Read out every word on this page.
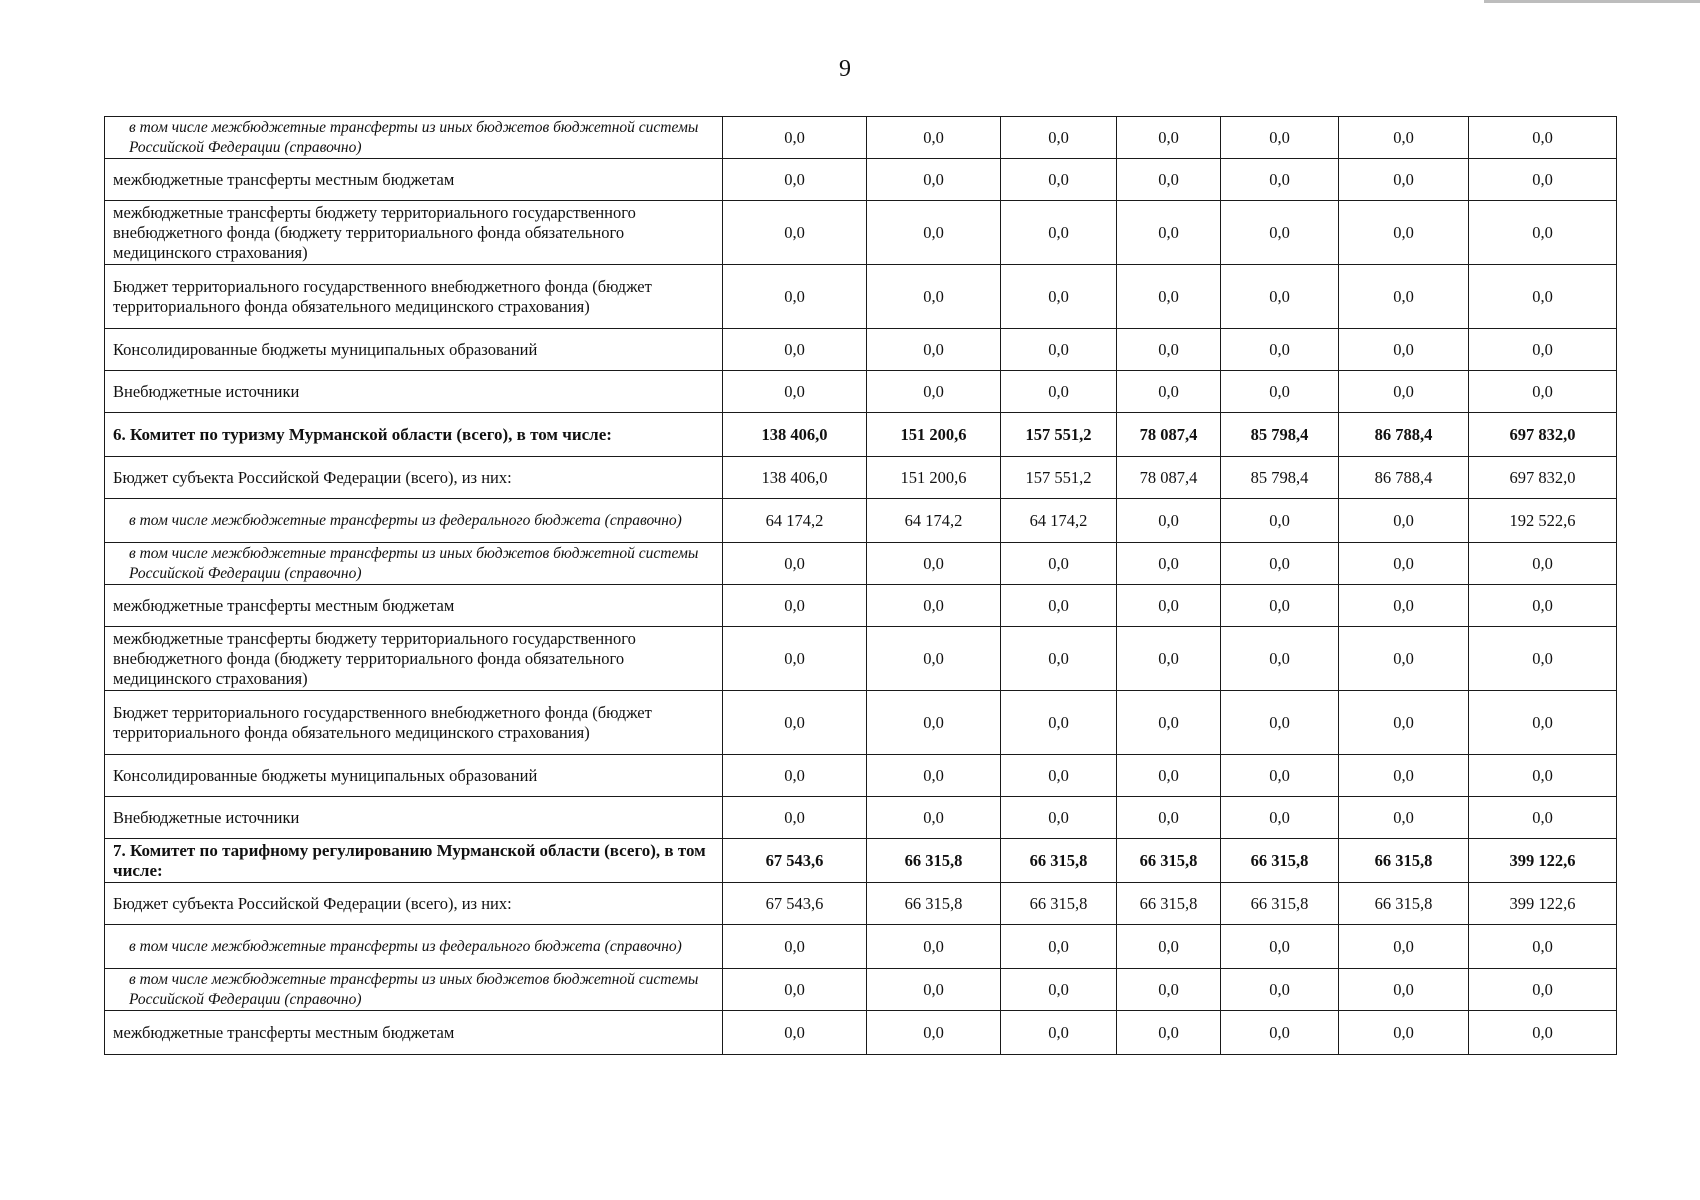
9
в том числе межбюджетные трансферты из иных бюджетов бюджетной системы Российской Федерации (справочно)	0,0	0,0	0,0	0,0	0,0	0,0	0,0
межбюджетные трансферты местным бюджетам	0,0	0,0	0,0	0,0	0,0	0,0	0,0
межбюджетные трансферты бюджету территориального государственного внебюджетного фонда (бюджету территориального фонда обязательного медицинского страхования)	0,0	0,0	0,0	0,0	0,0	0,0	0,0
Бюджет территориального государственного внебюджетного фонда (бюджет территориального фонда обязательного медицинского страхования)	0,0	0,0	0,0	0,0	0,0	0,0	0,0
Консолидированные бюджеты муниципальных образований	0,0	0,0	0,0	0,0	0,0	0,0	0,0
Внебюджетные источники	0,0	0,0	0,0	0,0	0,0	0,0	0,0
6. Комитет по туризму Мурманской области (всего), в том числе:	138 406,0	151 200,6	157 551,2	78 087,4	85 798,4	86 788,4	697 832,0
Бюджет субъекта Российской Федерации (всего), из них:	138 406,0	151 200,6	157 551,2	78 087,4	85 798,4	86 788,4	697 832,0
в том числе межбюджетные трансферты из федерального бюджета (справочно)	64 174,2	64 174,2	64 174,2	0,0	0,0	0,0	192 522,6
в том числе межбюджетные трансферты из иных бюджетов бюджетной системы Российской Федерации (справочно)	0,0	0,0	0,0	0,0	0,0	0,0	0,0
межбюджетные трансферты местным бюджетам	0,0	0,0	0,0	0,0	0,0	0,0	0,0
межбюджетные трансферты бюджету территориального государственного внебюджетного фонда (бюджету территориального фонда обязательного медицинского страхования)	0,0	0,0	0,0	0,0	0,0	0,0	0,0
Бюджет территориального государственного внебюджетного фонда (бюджет территориального фонда обязательного медицинского страхования)	0,0	0,0	0,0	0,0	0,0	0,0	0,0
Консолидированные бюджеты муниципальных образований	0,0	0,0	0,0	0,0	0,0	0,0	0,0
Внебюджетные источники	0,0	0,0	0,0	0,0	0,0	0,0	0,0
7. Комитет по тарифному регулированию Мурманской области (всего), в том числе:	67 543,6	66 315,8	66 315,8	66 315,8	66 315,8	66 315,8	399 122,6
Бюджет субъекта Российской Федерации (всего), из них:	67 543,6	66 315,8	66 315,8	66 315,8	66 315,8	66 315,8	399 122,6
в том числе межбюджетные трансферты из федерального бюджета (справочно)	0,0	0,0	0,0	0,0	0,0	0,0	0,0
в том числе межбюджетные трансферты из иных бюджетов бюджетной системы Российской Федерации (справочно)	0,0	0,0	0,0	0,0	0,0	0,0	0,0
межбюджетные трансферты местным бюджетам	0,0	0,0	0,0	0,0	0,0	0,0	0,0
